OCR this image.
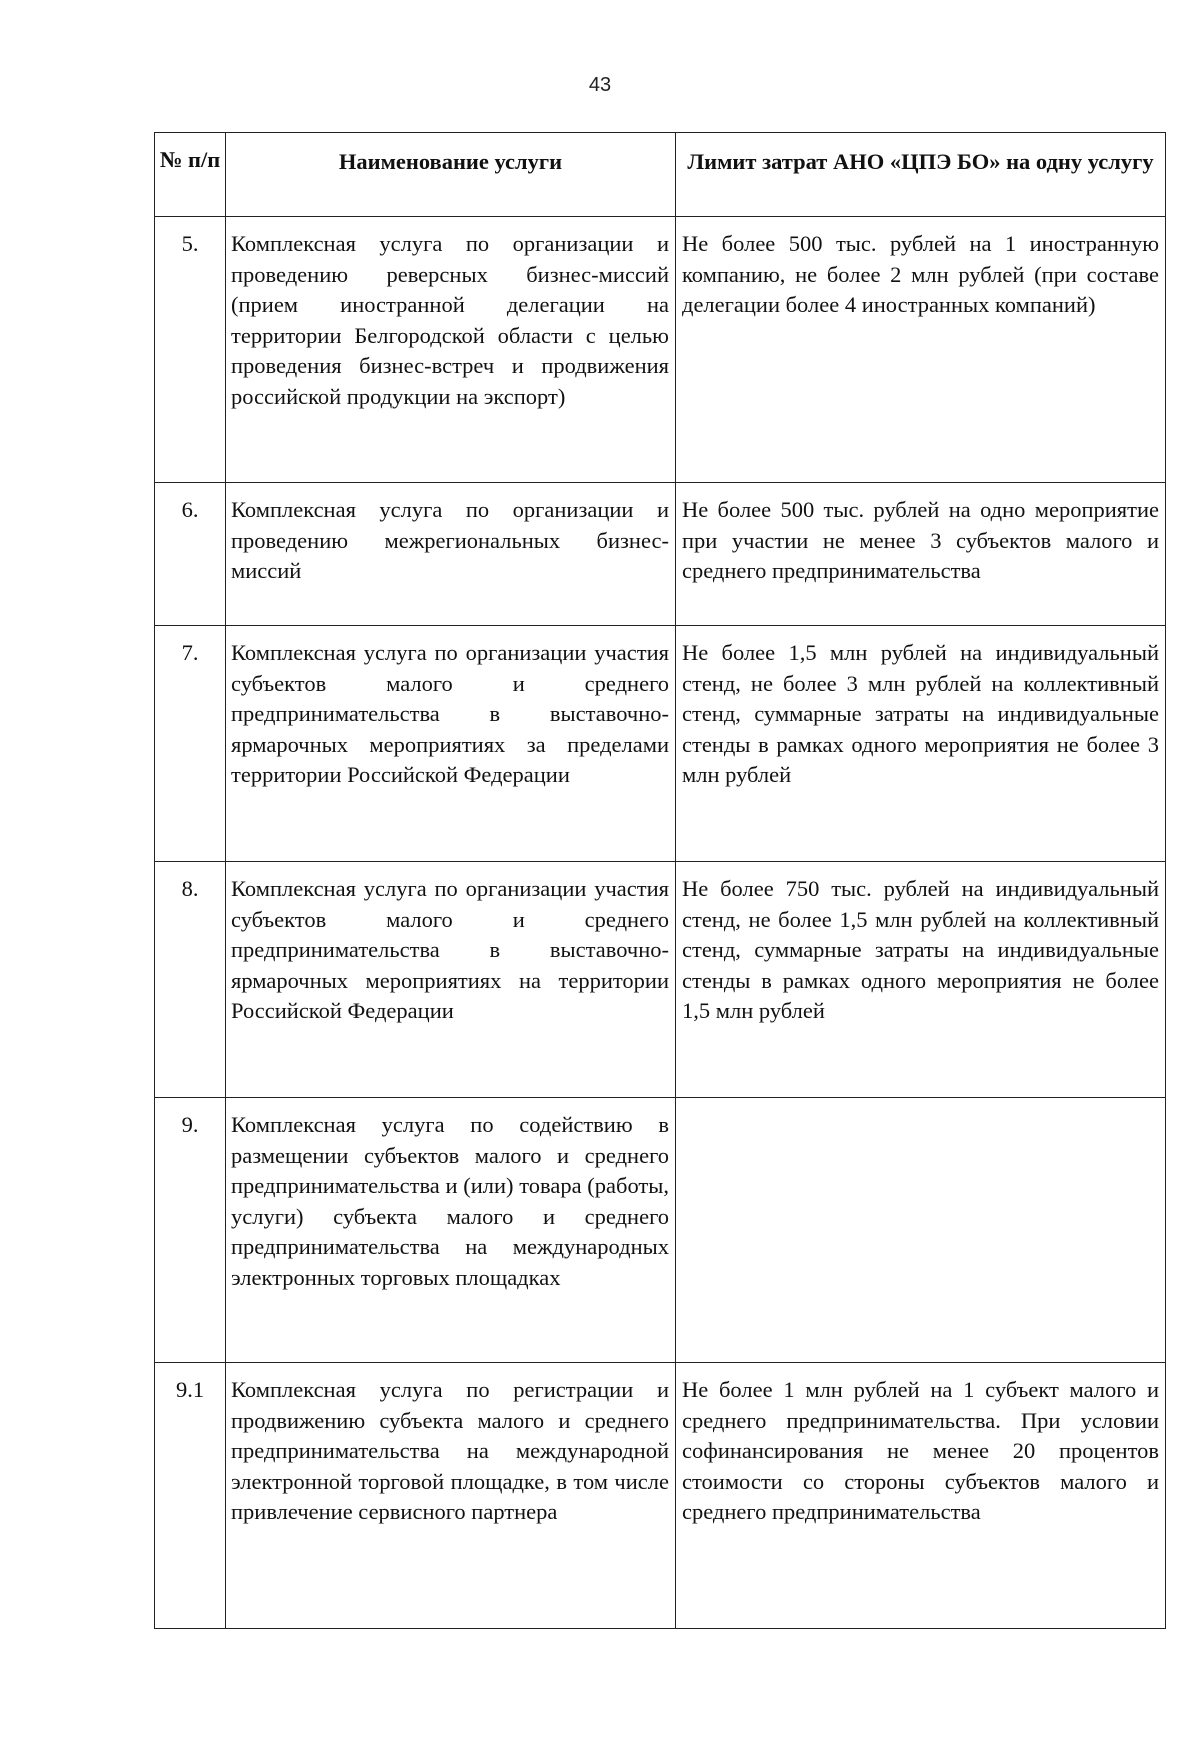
43
№ п/п	Наименование услуги	Лимит затрат АНО «ЦПЭ БО» на одну услугу
5.	Комплексная услуга по организации и проведению реверсных бизнес-миссий (прием иностранной делегации на территории Белгородской области с целью проведения бизнес-встреч и продвижения российской продукции на экспорт)	Не более 500 тыс. рублей на 1 иностранную компанию, не более 2 млн рублей (при составе делегации более 4 иностранных компаний)
6.	Комплексная услуга по организации и проведению межрегиональных бизнес-миссий	Не более 500 тыс. рублей на одно мероприятие при участии не менее 3 субъектов малого и среднего предпринимательства
7.	Комплексная услуга по организации участия субъектов малого и среднего предпринимательства в выставочно-ярмарочных мероприятиях за пределами территории Российской Федерации	Не более 1,5 млн рублей на индивидуальный стенд, не более 3 млн рублей на коллективный стенд, суммарные затраты на индивидуальные стенды в рамках одного мероприятия не более 3 млн рублей
8.	Комплексная услуга по организации участия субъектов малого и среднего предпринимательства в выставочно-ярмарочных мероприятиях на территории Российской Федерации	Не более 750 тыс. рублей на индивидуальный стенд, не более 1,5 млн рублей на коллективный стенд, суммарные затраты на индивидуальные стенды в рамках одного мероприятия не более 1,5 млн рублей
9.	Комплексная услуга по содействию в размещении субъектов малого и среднего предпринимательства и (или) товара (работы, услуги) субъекта малого и среднего предпринимательства на международных электронных торговых площадках	
9.1	Комплексная услуга по регистрации и продвижению субъекта малого и среднего предпринимательства на международной электронной торговой площадке, в том числе привлечение сервисного партнера	Не более 1 млн рублей на 1 субъект малого и среднего предпринимательства. При условии софинансирования не менее 20 процентов стоимости со стороны субъектов малого и среднего предпринимательства
